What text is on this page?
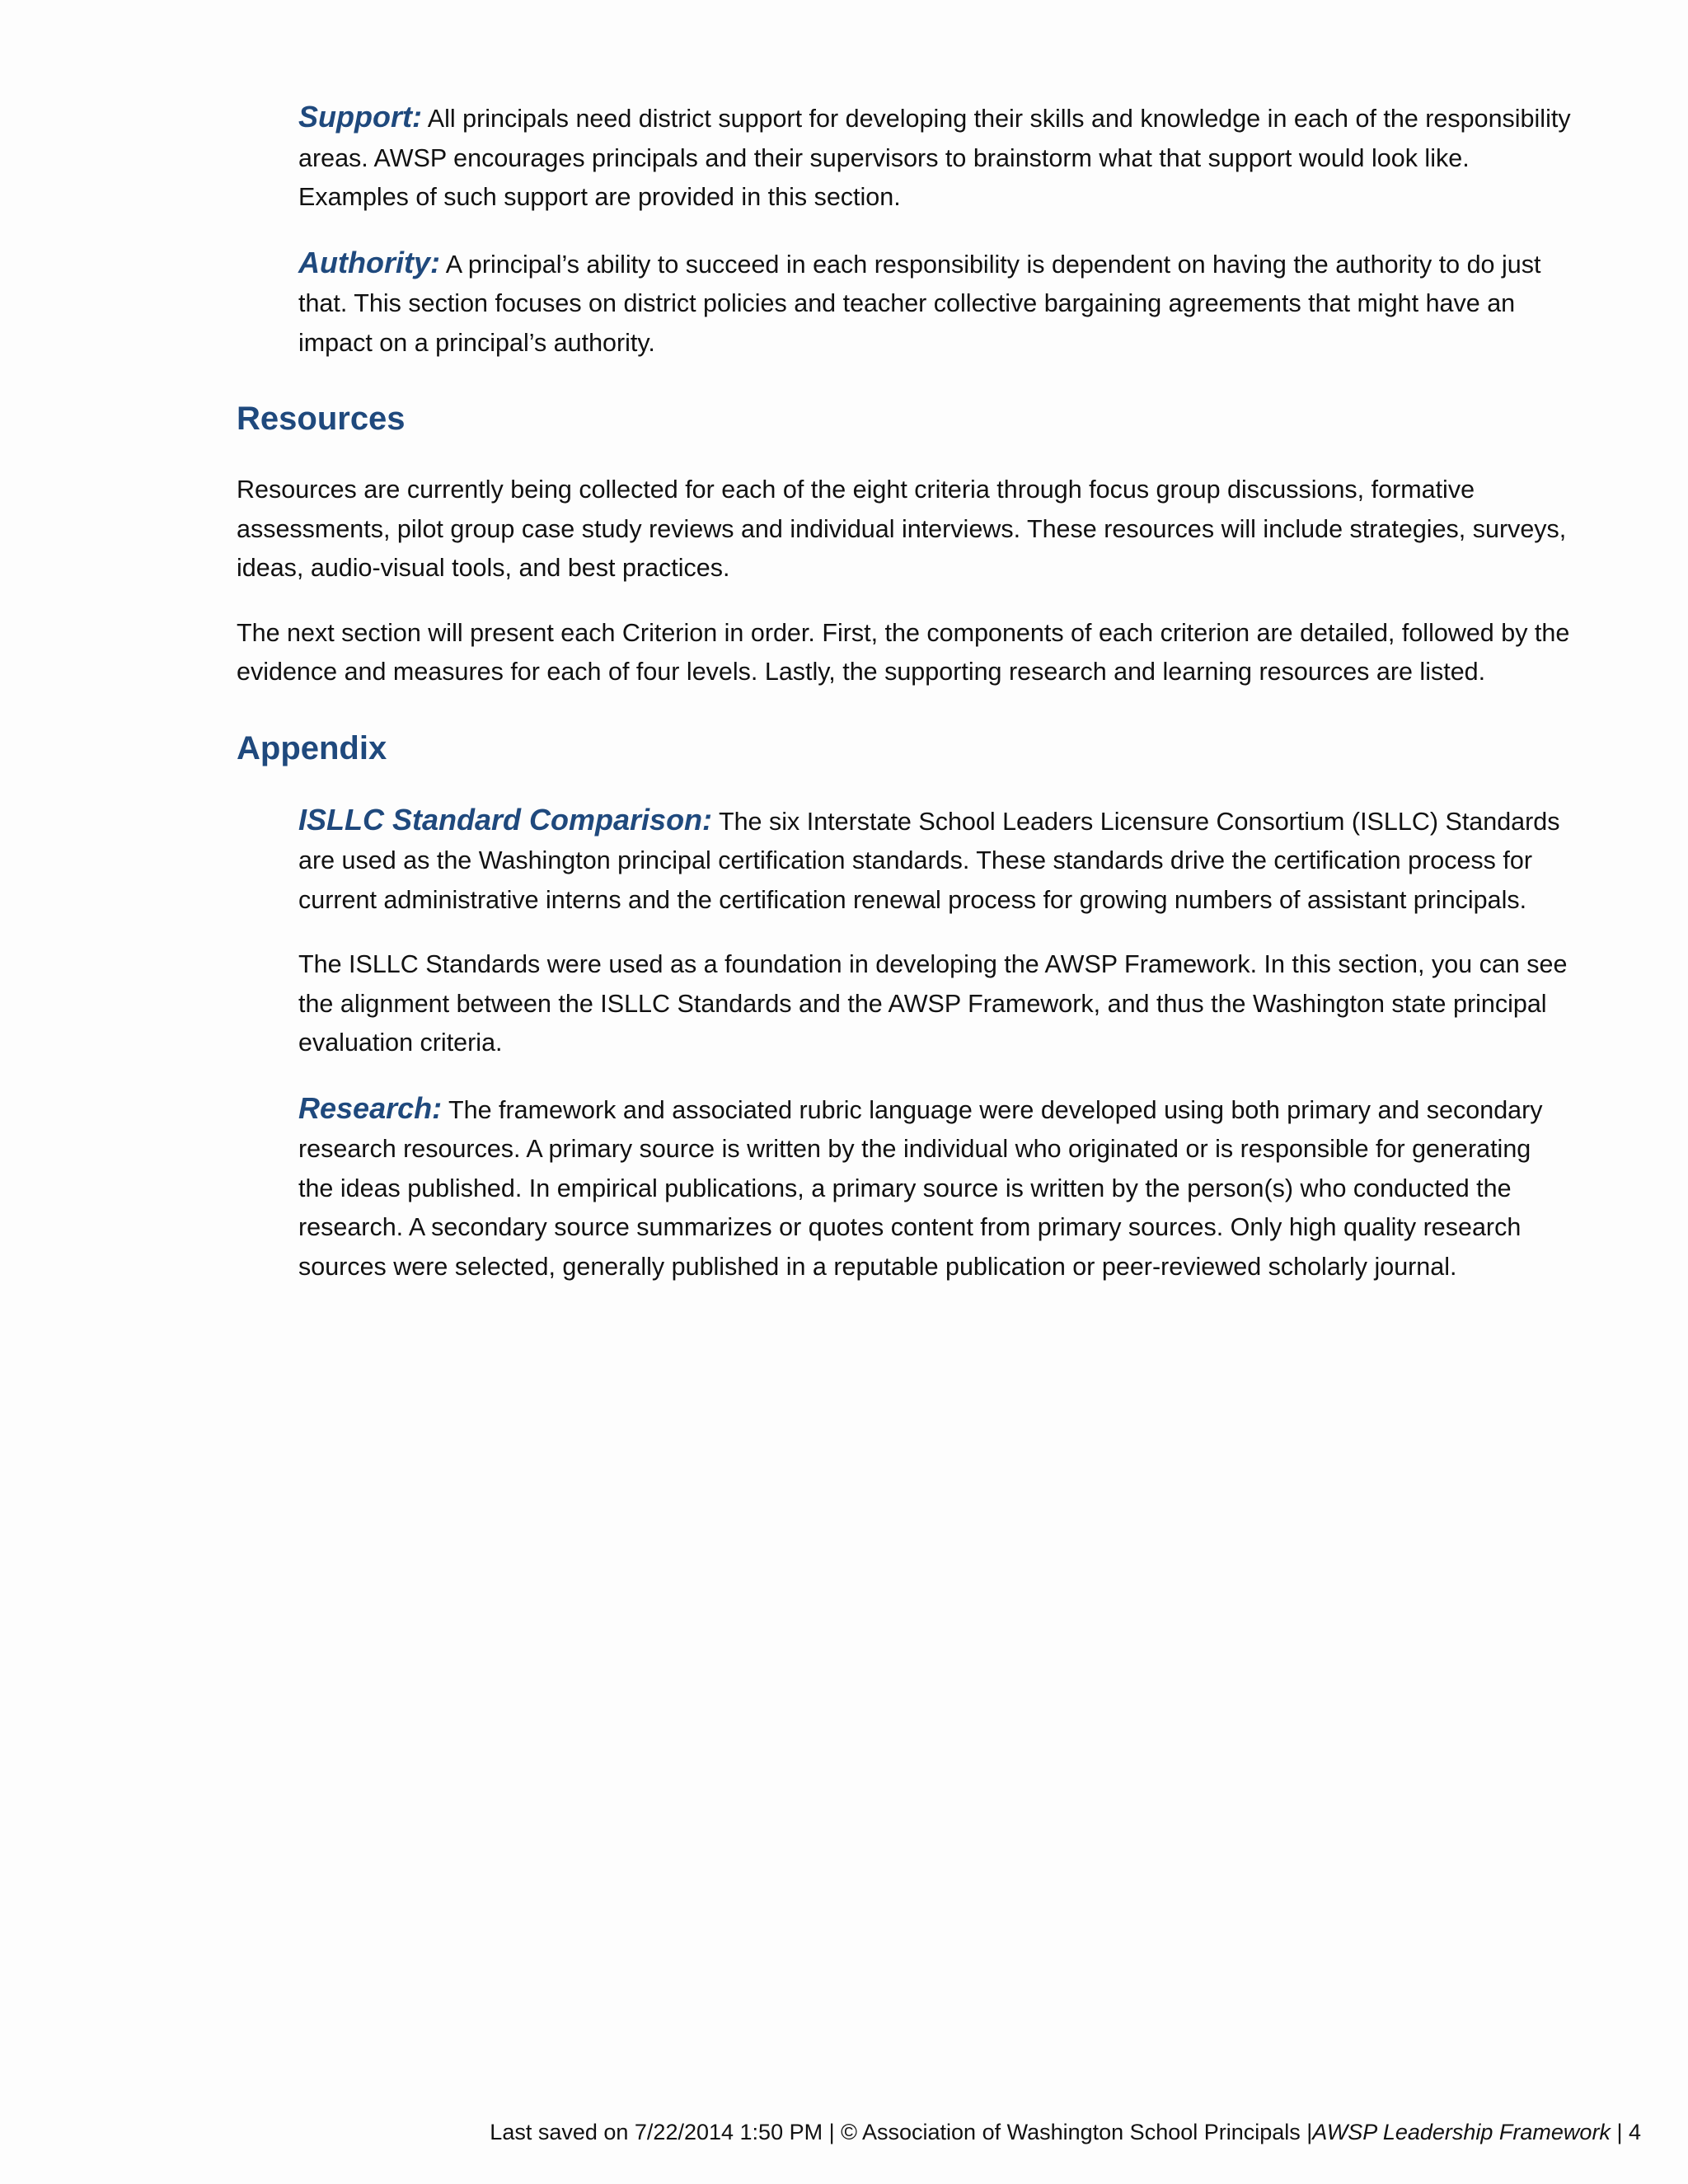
Support: All principals need district support for developing their skills and knowledge in each of the responsibility areas. AWSP encourages principals and their supervisors to brainstorm what that support would look like. Examples of such support are provided in this section.

Authority: A principal’s ability to succeed in each responsibility is dependent on having the authority to do just that. This section focuses on district policies and teacher collective bargaining agreements that might have an impact on a principal’s authority.

Resources

Resources are currently being collected for each of the eight criteria through focus group discussions, formative assessments, pilot group case study reviews and individual interviews. These resources will include strategies, surveys, ideas, audio-visual tools, and best practices.

The next section will present each Criterion in order. First, the components of each criterion are detailed, followed by the evidence and measures for each of four levels. Lastly, the supporting research and learning resources are listed.

Appendix

ISLLC Standard Comparison: The six Interstate School Leaders Licensure Consortium (ISLLC) Standards are used as the Washington principal certification standards. These standards drive the certification process for current administrative interns and the certification renewal process for growing numbers of assistant principals.

The ISLLC Standards were used as a foundation in developing the AWSP Framework. In this section, you can see the alignment between the ISLLC Standards and the AWSP Framework, and thus the Washington state principal evaluation criteria.

Research: The framework and associated rubric language were developed using both primary and secondary research resources. A primary source is written by the individual who originated or is responsible for generating the ideas published. In empirical publications, a primary source is written by the person(s) who conducted the research. A secondary source summarizes or quotes content from primary sources. Only high quality research sources were selected, generally published in a reputable publication or peer-reviewed scholarly journal.

Last saved on 7/22/2014 1:50 PM | © Association of Washington School Principals |AWSP Leadership Framework | 4
